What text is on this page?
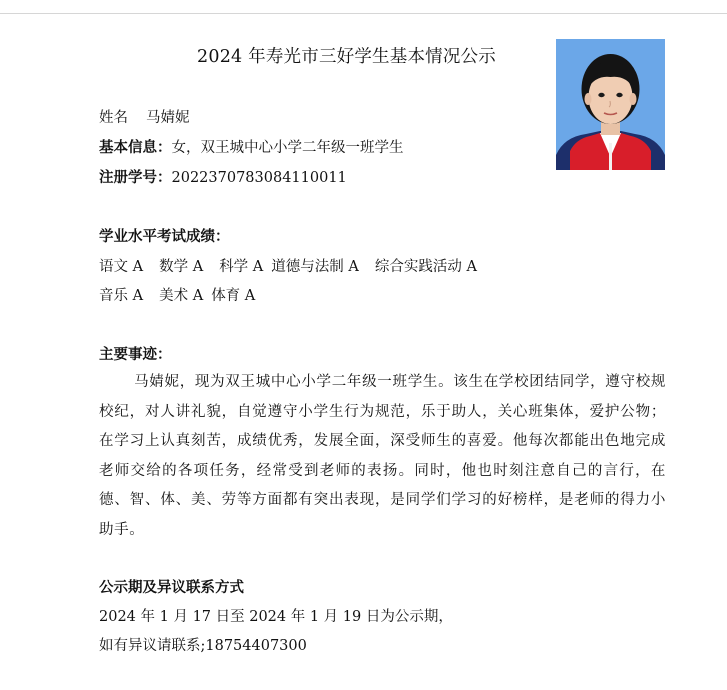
2024 年寿光市三好学生基本情况公示
姓名 马婧妮
基本信息：女，双王城中心小学二年级一班学生
注册学号：2022370783084110011
学业水平考试成绩：
语文 A 数学 A 科学 A 道德与法制 A 综合实践活动 A
音乐 A 美术 A 体育 A
主要事迹：
马婧妮，现为双王城中心小学二年级一班学生。该生在学校团结同学，遵守校规校纪，对人讲礼貌，自觉遵守小学生行为规范，乐于助人，关心班集体，爱护公物；在学习上认真刻苦，成绩优秀，发展全面，深受师生的喜爱。他每次都能出色地完成老师交给的各项任务，经常受到老师的表扬。同时，他也时刻注意自己的言行，在德、智、体、美、劳等方面都有突出表现，是同学们学习的好榜样，是老师的得力小助手。
公示期及异议联系方式
2024 年 1 月 17 日至 2024 年 1 月 19 日为公示期，
如有异议请联系;18754407300
